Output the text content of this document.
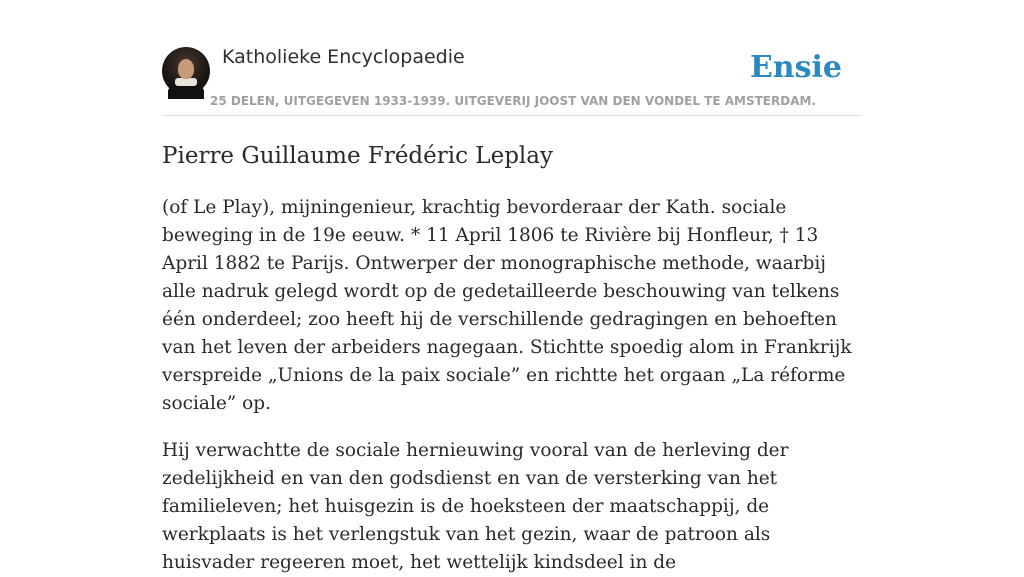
Katholieke Encyclopaedie
25 DELEN, UITGEGEVEN 1933-1939. UITGEVERIJ JOOST VAN DEN VONDEL TE AMSTERDAM.
Ensie
Pierre Guillaume Frédéric Leplay

(of Le Play), mijningenieur, krachtig bevorderaar der Kath. sociale beweging in de 19e eeuw. * 11 April 1806 te Rivière bij Honfleur, † 13 April 1882 te Parijs. Ontwerper der monographische methode, waarbij alle nadruk gelegd wordt op de gedetailleerde beschouwing van telkens één onderdeel; zoo heeft hij de verschillende gedragingen en behoeften van het leven der arbeiders nagegaan. Stichtte spoedig alom in Frankrijk verspreide „Unions de la paix sociale” en richtte het orgaan „La réforme sociale” op.

Hij verwachtte de sociale hernieuwing vooral van de herleving der zedelijkheid en van den godsdienst en van de versterking van het familieleven; het huisgezin is de hoeksteen der maatschappij, de werkplaats is het verlengstuk van het gezin, waar de patroon als huisvader regeeren moet, het wettelijk kindsdeel in de
